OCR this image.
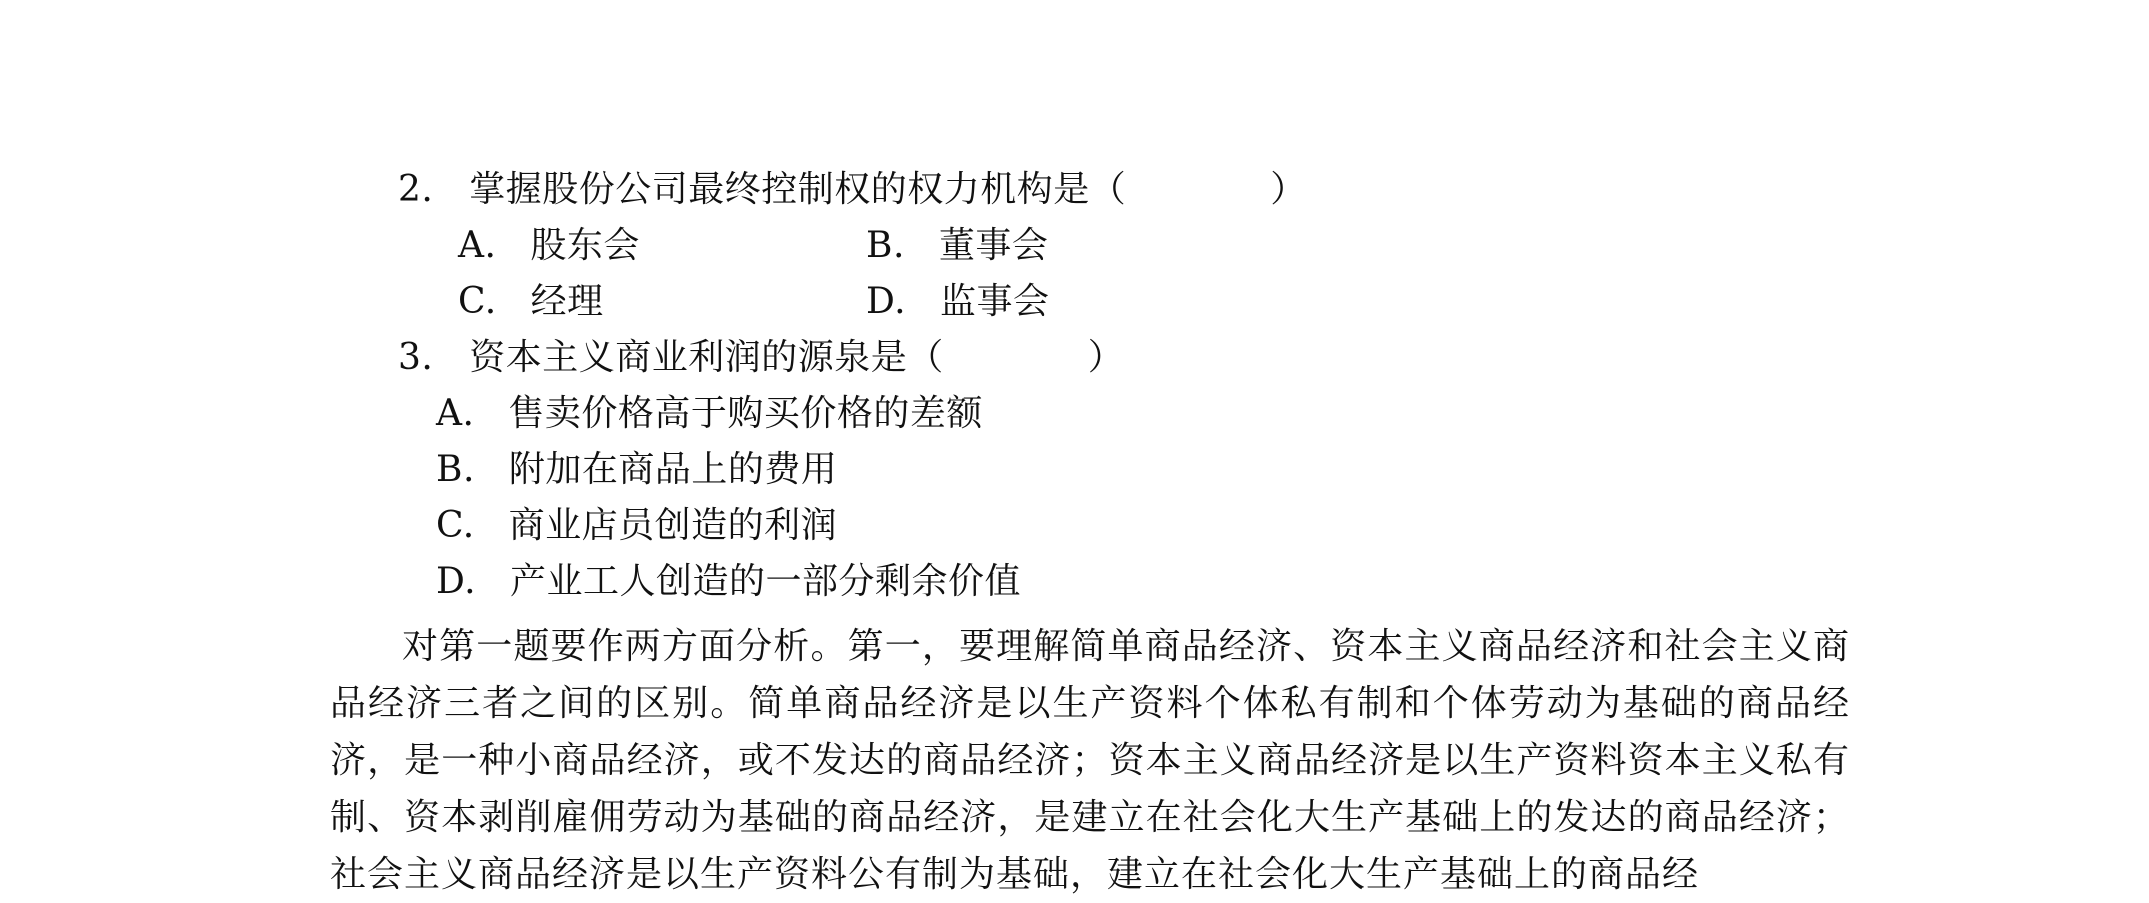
2. 掌握股份公司最终控制权的权力机构是（	）
A. 股东会	B. 董事会
C. 经理	D. 监事会
3. 资本主义商业利润的源泉是（	）
A. 售卖价格高于购买价格的差额
B. 附加在商品上的费用
C. 商业店员创造的利润
D. 产业工人创造的一部分剩余价值
对第一题要作两方面分析。第一，要理解简单商品经济、资本主义商品经济和社会主义商品经济三者之间的区别。简单商品经济是以生产资料个体私有制和个体劳动为基础的商品经济，是一种小商品经济，或不发达的商品经济；资本主义商品经济是以生产资料资本主义私有制、资本剥削雇佣劳动为基础的商品经济，是建立在社会化大生产基础上的发达的商品经济；社会主义商品经济是以生产资料公有制为基础，建立在社会化大生产基础上的商品经
